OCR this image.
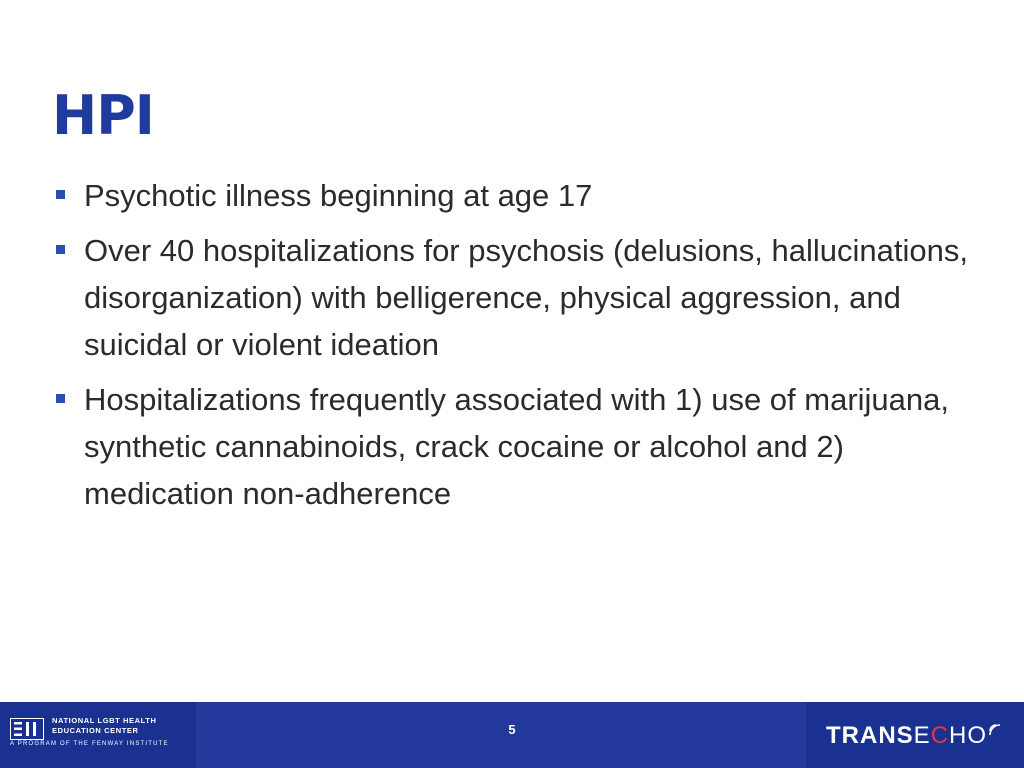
HPI
Psychotic illness beginning at age 17
Over 40 hospitalizations for psychosis (delusions, hallucinations, disorganization) with belligerence, physical aggression, and suicidal or violent ideation
Hospitalizations frequently associated with 1) use of marijuana, synthetic cannabinoids, crack cocaine or alcohol and 2) medication non-adherence
NATIONAL LGBT HEALTH
EDUCATION CENTER
A PROGRAM OF THE FENWAY INSTITUTE
5	TRANS E C HO
